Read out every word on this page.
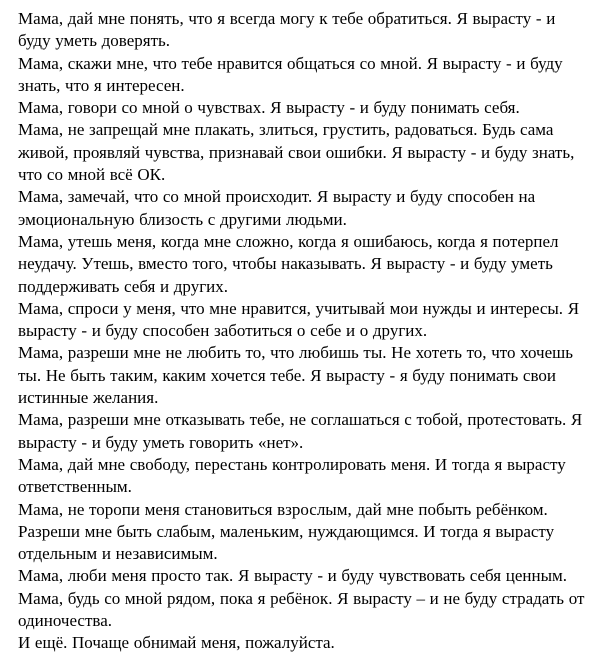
Мама, дай мне понять, что я всегда могу к тебе обратиться. Я вырасту - и буду уметь доверять.

Мама, скажи мне, что тебе нравится общаться со мной. Я вырасту - и буду знать, что я интересен.

Мама, говори со мной о чувствах. Я вырасту - и буду понимать себя.

Мама, не запрещай мне плакать, злиться, грустить, радоваться. Будь сама живой, проявляй чувства, признавай свои ошибки. Я вырасту - и буду знать, что со мной всё ОК.

Мама, замечай, что со мной происходит. Я вырасту и буду способен на эмоциональную близость с другими людьми.

Мама, утешь меня, когда мне сложно, когда я ошибаюсь, когда я потерпел неудачу. Утешь, вместо того, чтобы наказывать. Я вырасту - и буду уметь поддерживать себя и других.

Мама, спроси у меня, что мне нравится, учитывай мои нужды и интересы. Я вырасту - и буду способен заботиться о себе и о других.

Мама, разреши мне не любить то, что любишь ты. Не хотеть то, что хочешь ты. Не быть таким, каким хочется тебе. Я вырасту - я буду понимать свои истинные желания.

Мама, разреши мне отказывать тебе, не соглашаться с тобой, протестовать. Я вырасту - и буду уметь говорить «нет».

Мама, дай мне свободу, перестань контролировать меня. И тогда я вырасту ответственным.

Мама, не торопи меня становиться взрослым, дай мне побыть ребёнком. Разреши мне быть слабым, маленьким, нуждающимся. И тогда я вырасту отдельным и независимым.

Мама, люби меня просто так. Я вырасту - и буду чувствовать себя ценным.

Мама, будь со мной рядом, пока я ребёнок. Я вырасту – и не буду страдать от одиночества.

И ещё. Почаще обнимай меня, пожалуйста.
